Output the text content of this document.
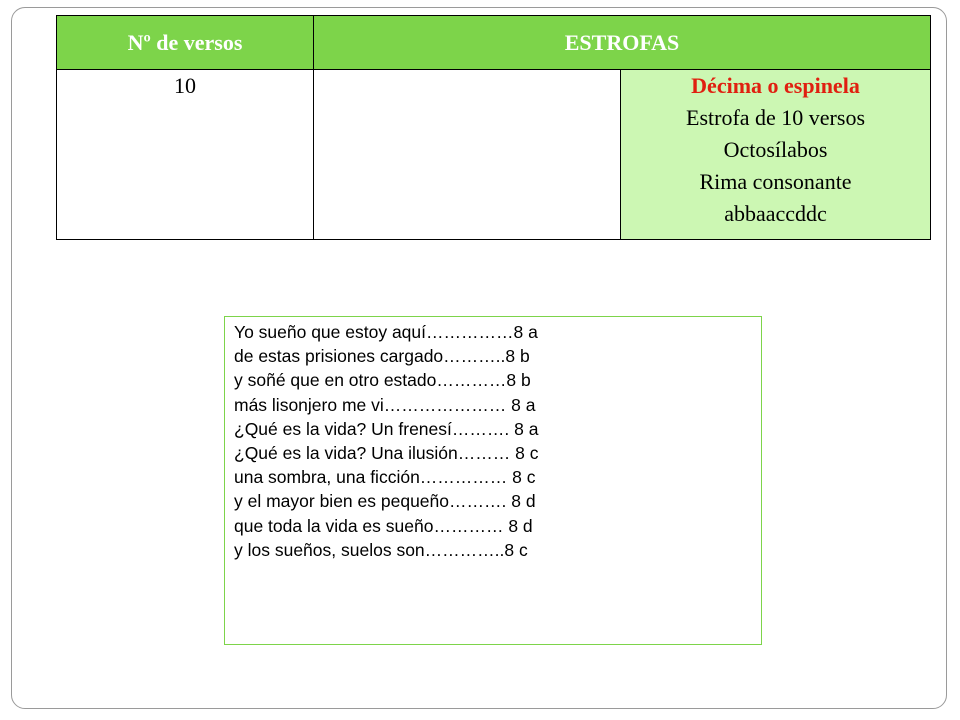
Nº de versos	ESTROFAS	
10		Décima o espinela
Estrofa de 10 versos
Octosílabos
Rima consonante
abbaaccddc
Yo sueño que estoy aquí……………8 a
de estas prisiones cargado………..8 b
y soñé que en otro estado…………8 b
más lisonjero me vi………………… 8 a
¿Qué es la vida? Un frenesí………. 8 a
¿Qué es la vida? Una ilusión……… 8 c
una sombra, una ficción…………… 8 c
y el mayor bien es pequeño………. 8 d
que toda la vida es sueño………… 8 d
y los sueños, suelos son…………..8 c
